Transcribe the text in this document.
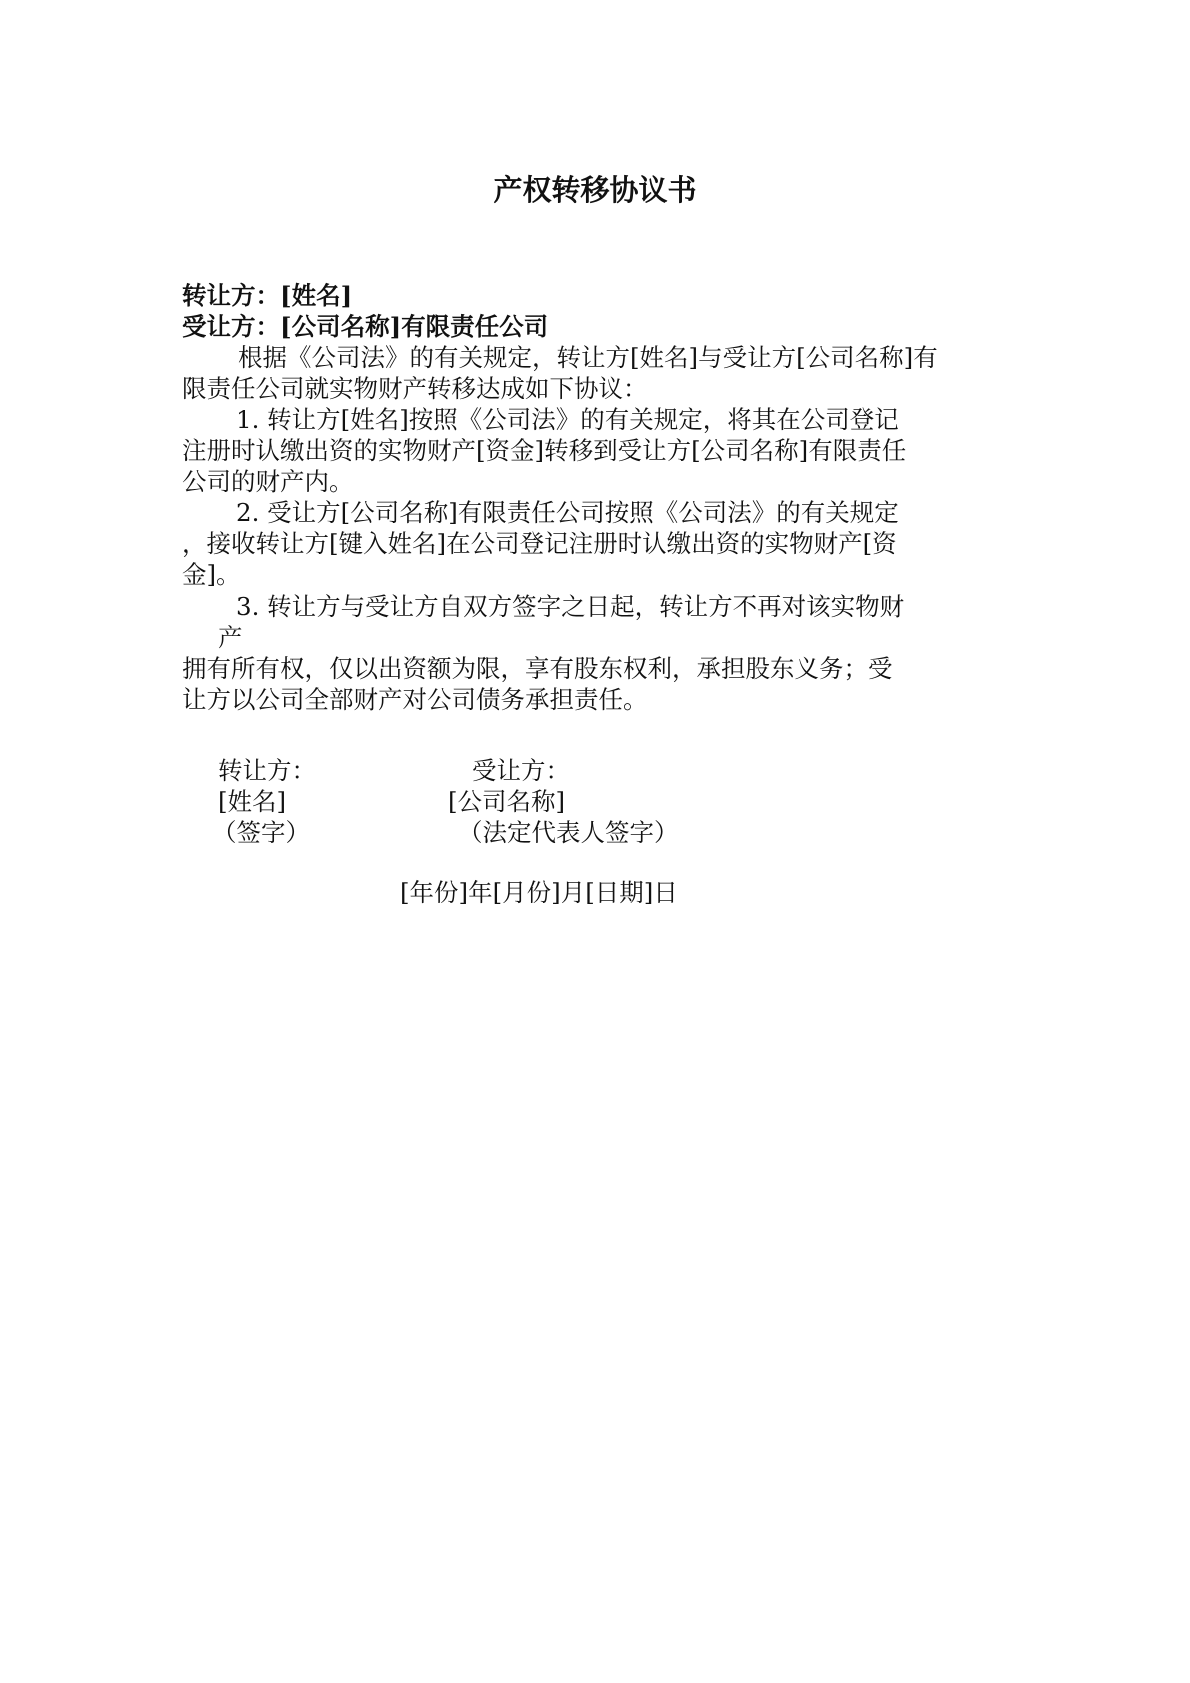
产权转移协议书
转让方：[姓名]
受让方：[公司名称]有限责任公司
根据《公司法》的有关规定，转让方[姓名]与受让方[公司名称]有
限责任公司就实物财产转移达成如下协议：
1. 转让方[姓名]按照《公司法》的有关规定，将其在公司登记
注册时认缴出资的实物财产[资金]转移到受让方[公司名称]有限责任
公司的财产内。
2. 受让方[公司名称]有限责任公司按照《公司法》的有关规定
，接收转让方[键入姓名]在公司登记注册时认缴出资的实物财产[资
金]。
3. 转让方与受让方自双方签字之日起，转让方不再对该实物财
产
拥有所有权，仅以出资额为限，享有股东权利，承担股东义务；受
让方以公司全部财产对公司债务承担责任。
转让方：	受让方：
[姓名]	[公司名称]
（签字）	（法定代表人签字）
[年份]年[月份]月[日期]日
